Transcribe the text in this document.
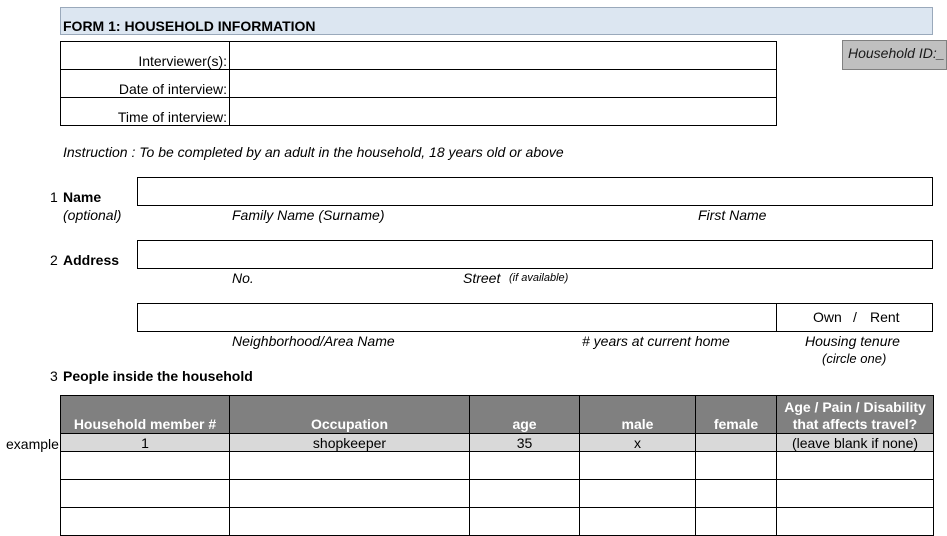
FORM 1: HOUSEHOLD INFORMATION
Household ID:_
Interviewer(s):
Date of interview:
Time of interview:
Instruction : To be completed by an adult in the household, 18 years old or above
1 Name
(optional)	Family Name (Surname)	First Name
2 Address
No.	Street (if available)
Own / Rent
Neighborhood/Area Name	# years at current home	Housing tenure
(circle one)
3 People inside the household
example
Household member #	Occupation	age	male	female	Age / Pain / Disability
that affects travel?
1	shopkeeper	35	x		(leave blank if none)
